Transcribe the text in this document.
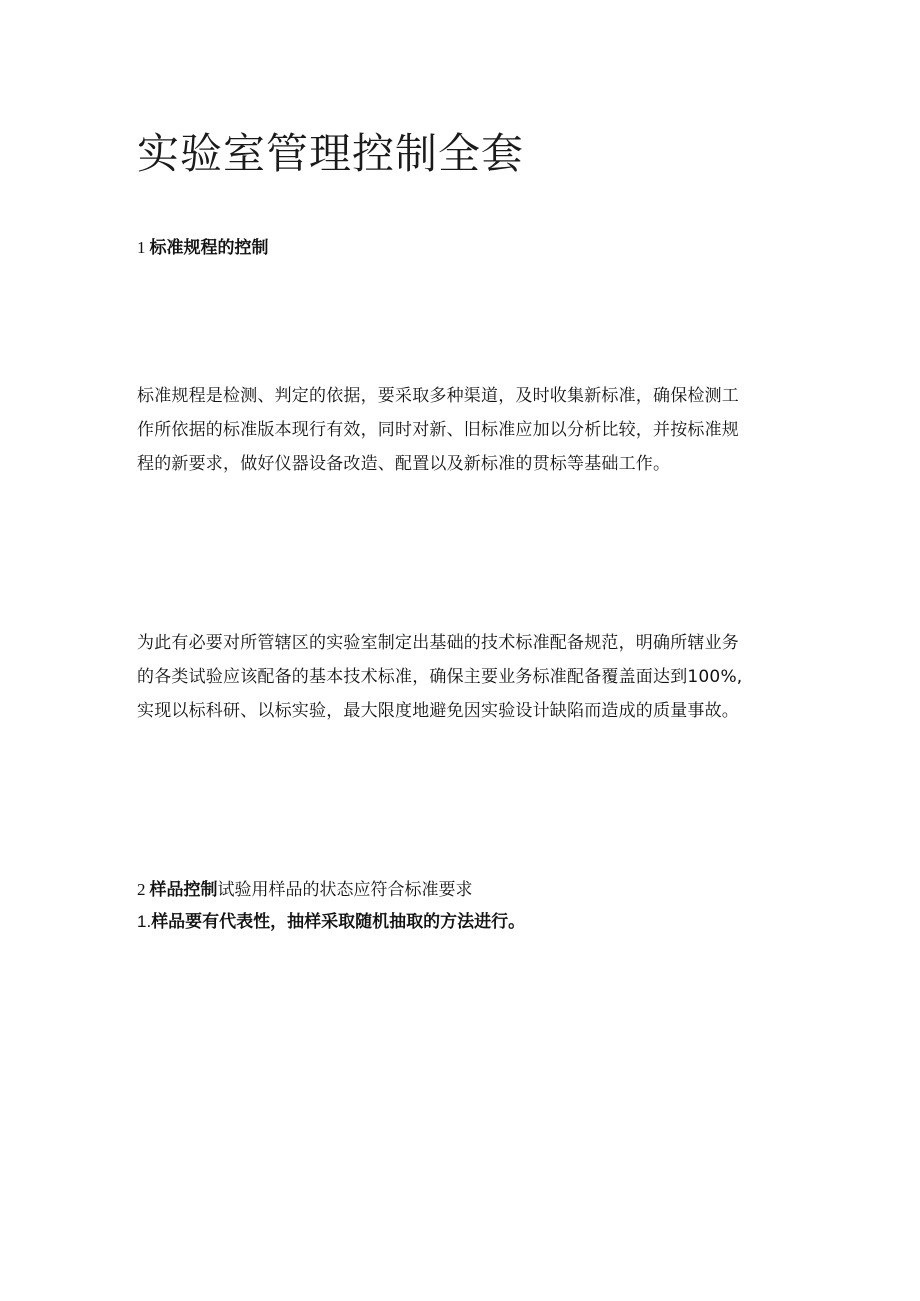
实验室管理控制全套
1 标准规程的控制

标准规程是检测、判定的依据，要采取多种渠道，及时收集新标准，确保检测工
作所依据的标准版本现行有效，同时对新、旧标准应加以分析比较，并按标准规
程的新要求，做好仪器设备改造、配置以及新标准的贯标等基础工作。

为此有必要对所管辖区的实验室制定出基础的技术标准配备规范，明确所辖业务
的各类试验应该配备的基本技术标准，确保主要业务标准配备覆盖面达到100%,
实现以标科研、以标实验，最大限度地避免因实验设计缺陷而造成的质量事故。

2 样品控制试验用样品的状态应符合标准要求

1.样品要有代表性，抽样采取随机抽取的方法进行。
